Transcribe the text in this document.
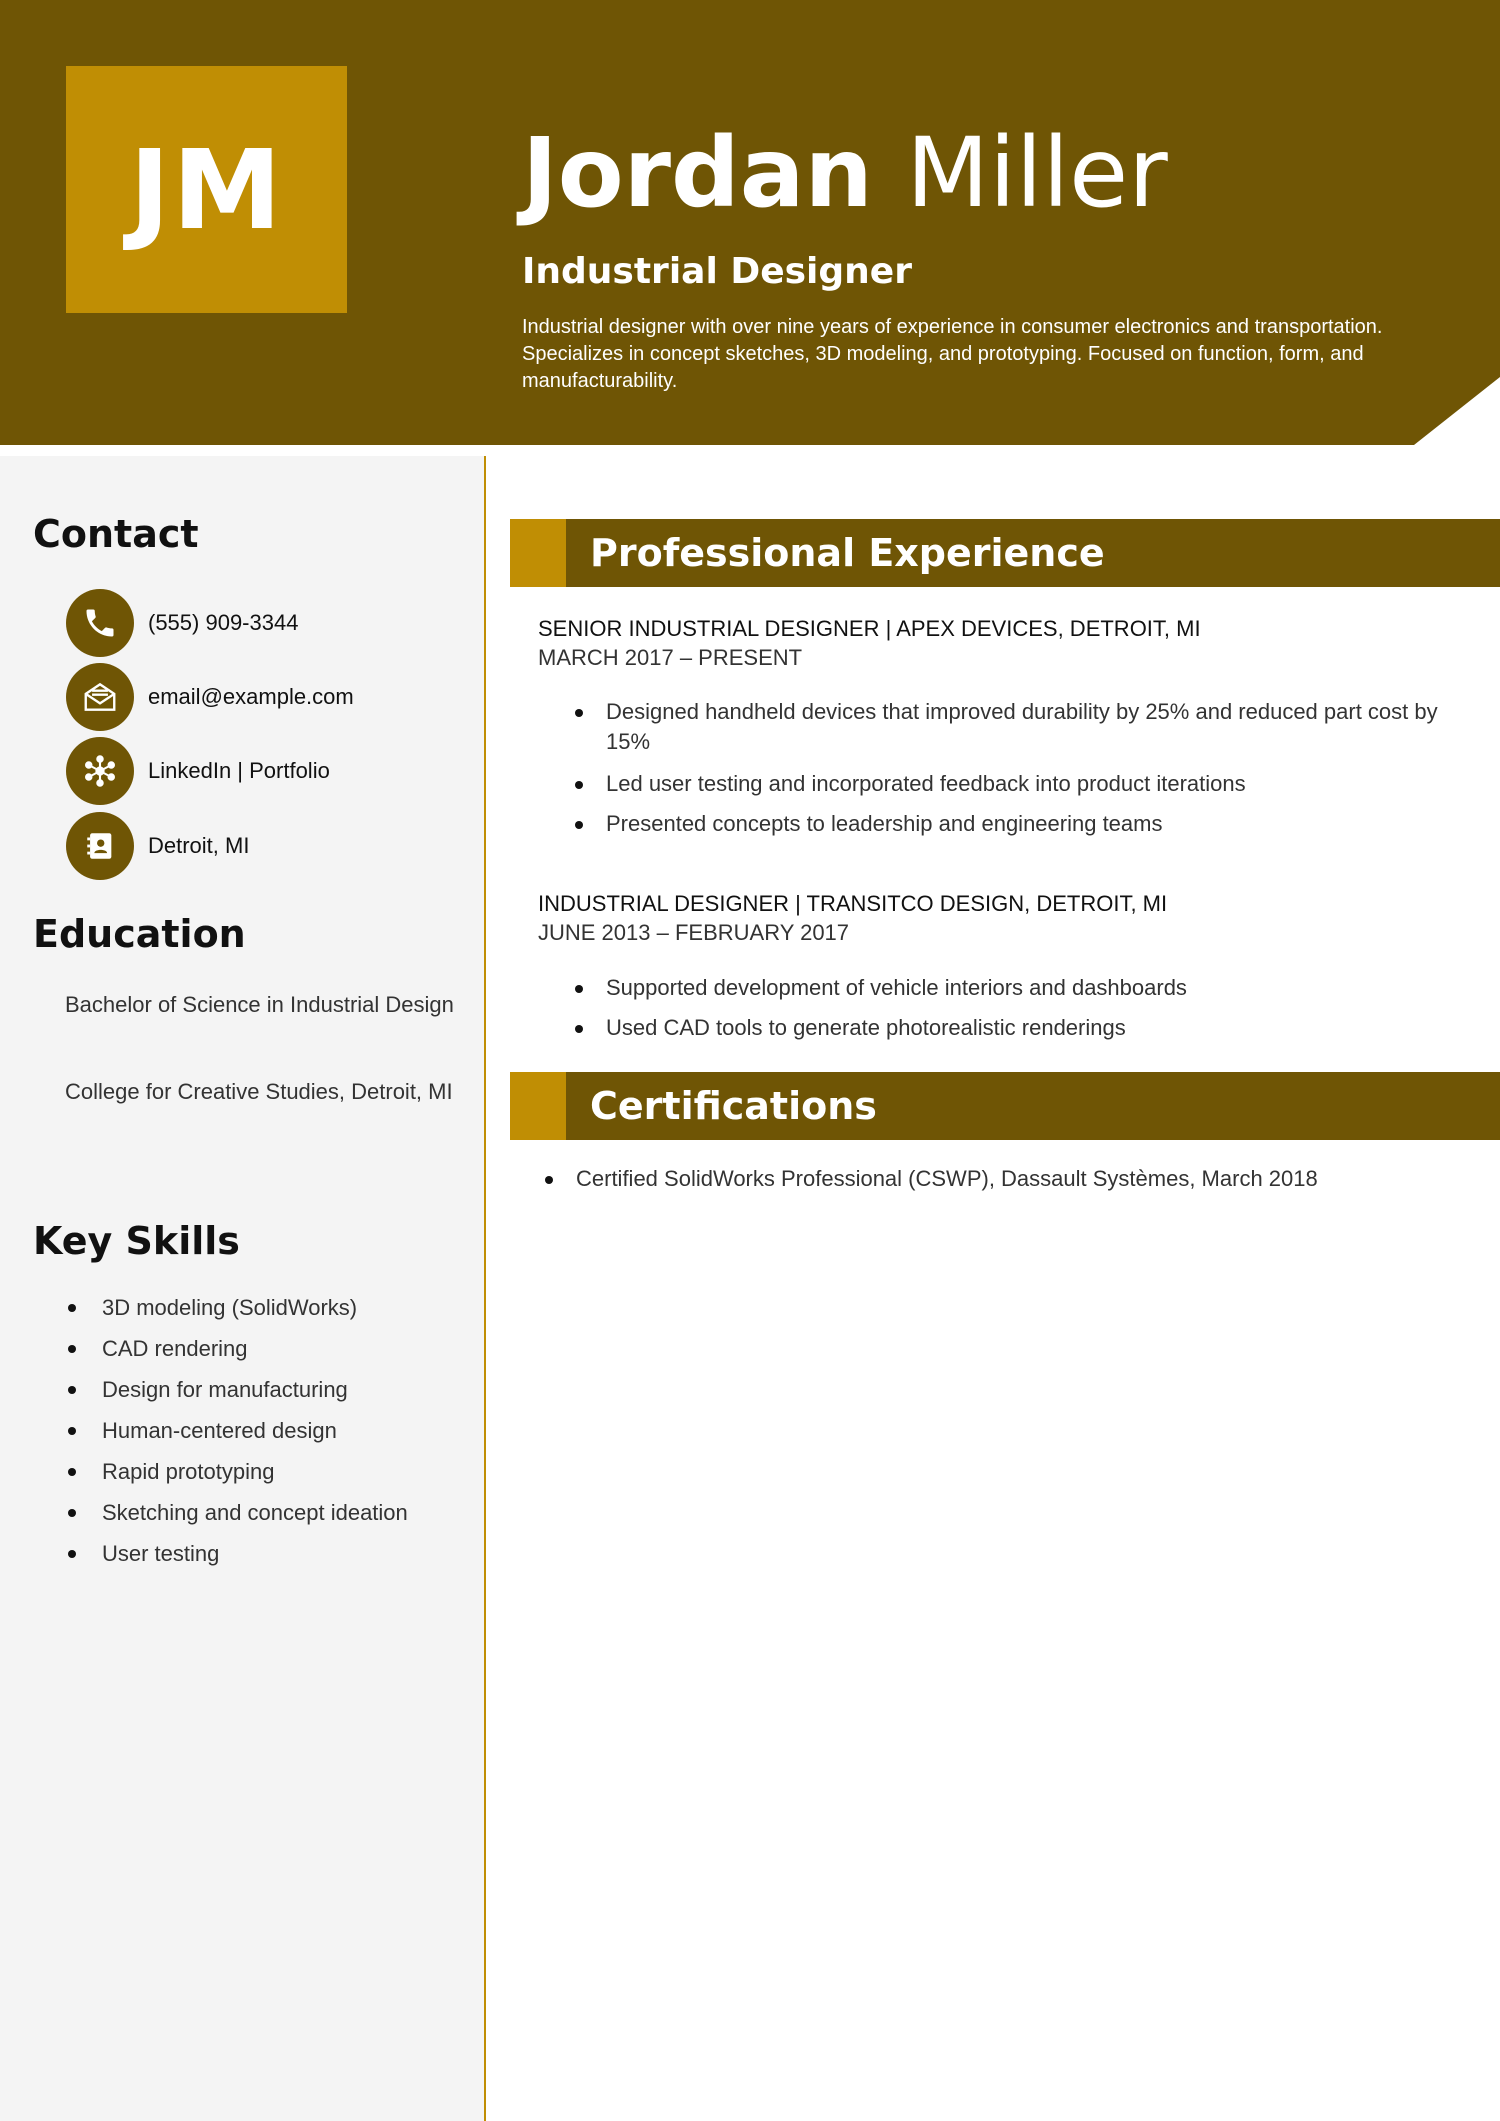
JM	Jordan Miller
Industrial Designer

Industrial designer with over nine years of experience in consumer electronics and transportation. Specializes in concept sketches, 3D modeling, and prototyping. Focused on function, form, and manufacturability.

Contact
(555) 909-3344
email@example.com
LinkedIn | Portfolio
Detroit, MI
Education

Bachelor of Science in Industrial Design

College for Creative Studies, Detroit, MI

Key Skills
3D modeling (SolidWorks)
CAD rendering
Design for manufacturing
Human-centered design
Rapid prototyping
Sketching and concept ideation
User testing
Professional Experience
SENIOR INDUSTRIAL DESIGNER | APEX DEVICES, DETROIT, MI
MARCH 2017 – PRESENT
Designed handheld devices that improved durability by 25% and reduced part cost by 15%
Led user testing and incorporated feedback into product iterations
Presented concepts to leadership and engineering teams
INDUSTRIAL DESIGNER | TRANSITCO DESIGN, DETROIT, MI
JUNE 2013 – FEBRUARY 2017
Supported development of vehicle interiors and dashboards
Used CAD tools to generate photorealistic renderings
Certifications
Certified SolidWorks Professional (CSWP), Dassault Systèmes, March 2018
